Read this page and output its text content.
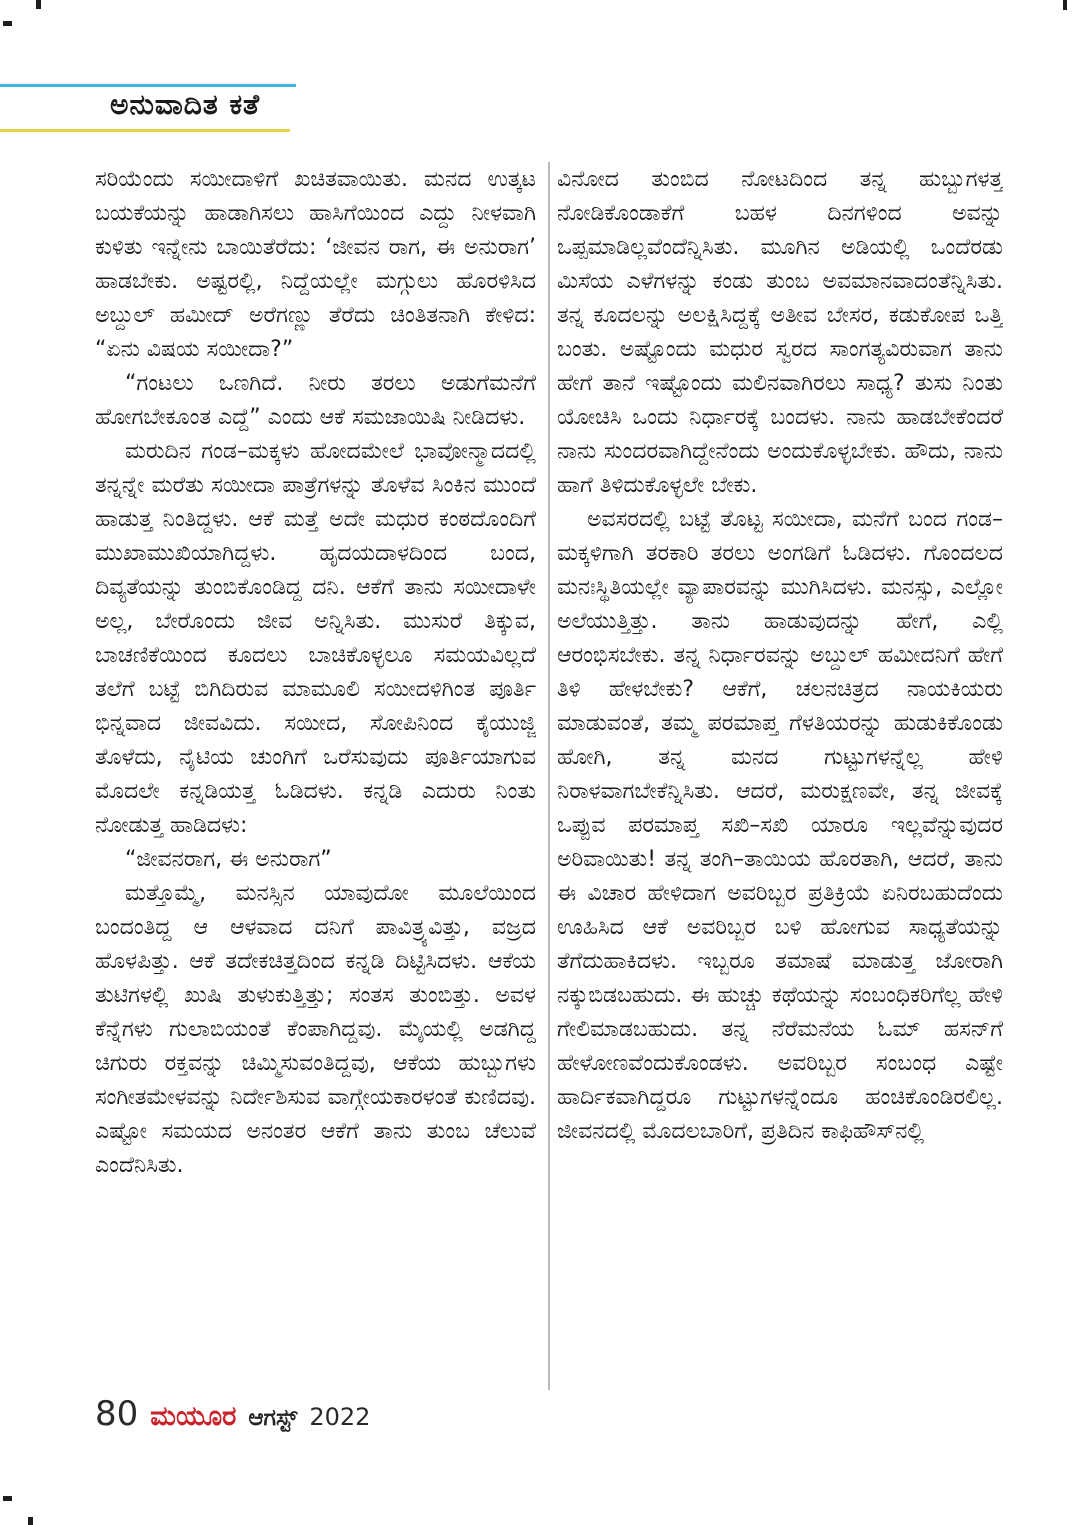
ಅನುವಾದಿತ ಕತೆ

ಸರಿಯೆಂದು ಸಯೀದಾಳಿಗೆ ಖಚಿತವಾಯಿತು. ಮನದ ಉತ್ಕಟ ಬಯಕೆಯನ್ನು ಹಾಡಾಗಿಸಲು ಹಾಸಿಗೆಯಿಂದ ಎದ್ದು ನೀಳವಾಗಿ ಕುಳಿತು ಇನ್ನೇನು ಬಾಯಿತೆರೆದು: ‘ಜೀವನ ರಾಗ, ಈ ಅನುರಾಗ’ ಹಾಡಬೇಕು. ಅಷ್ಟರಲ್ಲಿ, ನಿದ್ದೆಯಲ್ಲೇ ಮಗ್ಗುಲು ಹೊರಳಿಸಿದ ಅಬ್ದುಲ್ ಹಮೀದ್ ಅರೆಗಣ್ಣು ತೆರೆದು ಚಿಂತಿತನಾಗಿ ಕೇಳಿದ: “ಏನು ವಿಷಯ ಸಯೀದಾ?”

“ಗಂಟಲು ಒಣಗಿದೆ. ನೀರು ತರಲು ಅಡುಗೆಮನೆಗೆ ಹೋಗಬೇಕೂಂತ ಎದ್ದೆ” ಎಂದು ಆಕೆ ಸಮಜಾಯಿಷಿ ನೀಡಿದಳು.

ಮರುದಿನ ಗಂಡ–ಮಕ್ಕಳು ಹೋದಮೇಲೆ ಭಾವೋನ್ಮಾದದಲ್ಲಿ ತನ್ನನ್ನೇ ಮರೆತು ಸಯೀದಾ ಪಾತ್ರೆಗಳನ್ನು ತೊಳೆವ ಸಿಂಕಿನ ಮುಂದೆ ಹಾಡುತ್ತ ನಿಂತಿದ್ದಳು. ಆಕೆ ಮತ್ತೆ ಅದೇ ಮಧುರ ಕಂಠದೊಂದಿಗೆ ಮುಖಾಮುಖಿಯಾಗಿದ್ದಳು. ಹೃದಯದಾಳದಿಂದ ಬಂದ, ದಿವ್ಯತೆಯನ್ನು ತುಂಬಿಕೊಂಡಿದ್ದ ದನಿ. ಆಕೆಗೆ ತಾನು ಸಯೀದಾಳೇ ಅಲ್ಲ, ಬೇರೊಂದು ಜೀವ ಅನ್ನಿಸಿತು. ಮುಸುರೆ ತಿಕ್ಕುವ, ಬಾಚಣಿಕೆಯಿಂದ ಕೂದಲು ಬಾಚಿಕೊಳ್ಳಲೂ ಸಮಯವಿಲ್ಲದೆ ತಲೆಗೆ ಬಟ್ಟೆ ಬಿಗಿದಿರುವ ಮಾಮೂಲಿ ಸಯೀದಳಿಗಿಂತ ಪೂರ್ತಿ ಭಿನ್ನವಾದ ಜೀವವಿದು. ಸಯೀದ, ಸೋಪಿನಿಂದ ಕೈಯುಜ್ಜಿ ತೊಳೆದು, ನೈಟಿಯ ಚುಂಗಿಗೆ ಒರೆಸುವುದು ಪೂರ್ತಿಯಾಗುವ ಮೊದಲೇ ಕನ್ನಡಿಯತ್ತ ಓಡಿದಳು. ಕನ್ನಡಿ ಎದುರು ನಿಂತು ನೋಡುತ್ತ ಹಾಡಿದಳು:

“ಜೀವನರಾಗ, ಈ ಅನುರಾಗ”

ಮತ್ತೊಮ್ಮೆ, ಮನಸ್ಸಿನ ಯಾವುದೋ ಮೂಲೆಯಿಂದ ಬಂದಂತಿದ್ದ ಆ ಆಳವಾದ ದನಿಗೆ ಪಾವಿತ್ರ್ಯವಿತ್ತು, ವಜ್ರದ ಹೊಳಪಿತ್ತು. ಆಕೆ ತದೇಕಚಿತ್ತದಿಂದ ಕನ್ನಡಿ ದಿಟ್ಟಿಸಿದಳು. ಆಕೆಯ ತುಟಿಗಳಲ್ಲಿ ಖುಷಿ ತುಳುಕುತ್ತಿತ್ತು; ಸಂತಸ ತುಂಬಿತ್ತು. ಅವಳ ಕೆನ್ನೆಗಳು ಗುಲಾಬಿಯಂತೆ ಕೆಂಪಾಗಿದ್ದವು. ಮೈಯಲ್ಲಿ ಅಡಗಿದ್ದ ಚಿಗುರು ರಕ್ತವನ್ನು ಚಿಮ್ಮಿಸುವಂತಿದ್ದವು, ಆಕೆಯ ಹುಬ್ಬುಗಳು ಸಂಗೀತಮೇಳವನ್ನು ನಿರ್ದೇಶಿಸುವ ವಾಗ್ಗೇಯಕಾರಳಂತೆ ಕುಣಿದವು. ಎಷ್ಟೋ ಸಮಯದ ಅನಂತರ ಆಕೆಗೆ ತಾನು ತುಂಬ ಚೆಲುವೆ ಎಂದೆನಿಸಿತು.

ವಿನೋದ ತುಂಬಿದ ನೋಟದಿಂದ ತನ್ನ ಹುಬ್ಬುಗಳತ್ತ ನೋಡಿಕೊಂಡಾಕೆಗೆ ಬಹಳ ದಿನಗಳಿಂದ ಅವನ್ನು ಒಪ್ಪಮಾಡಿಲ್ಲವೆಂದೆನ್ನಿಸಿತು. ಮೂಗಿನ ಅಡಿಯಲ್ಲಿ ಒಂದೆರಡು ಮಿಸೆಯ ಎಳೆಗಳನ್ನು ಕಂಡು ತುಂಬ ಅವಮಾನವಾದಂತೆನ್ನಿಸಿತು. ತನ್ನ ಕೂದಲನ್ನು ಅಲಕ್ಷಿಸಿದ್ದಕ್ಕೆ ಅತೀವ ಬೇಸರ, ಕಡುಕೋಪ ಒತ್ತಿ ಬಂತು. ಅಷ್ಟೊಂದು ಮಧುರ ಸ್ವರದ ಸಾಂಗತ್ಯವಿರುವಾಗ ತಾನು ಹೇಗೆ ತಾನೆ ಇಷ್ಟೊಂದು ಮಲಿನವಾಗಿರಲು ಸಾಧ್ಯ? ತುಸು ನಿಂತು ಯೋಚಿಸಿ ಒಂದು ನಿರ್ಧಾರಕ್ಕೆ ಬಂದಳು. ನಾನು ಹಾಡಬೇಕೆಂದರೆ ನಾನು ಸುಂದರವಾಗಿದ್ದೇನೆಂದು ಅಂದುಕೊಳ್ಳಬೇಕು. ಹೌದು, ನಾನು ಹಾಗೆ ತಿಳಿದುಕೊಳ್ಳಲೇ ಬೇಕು.

ಅವಸರದಲ್ಲಿ ಬಟ್ಟೆ ತೊಟ್ಟ ಸಯೀದಾ, ಮನೆಗೆ ಬಂದ ಗಂಡ–ಮಕ್ಕಳಿಗಾಗಿ ತರಕಾರಿ ತರಲು ಅಂಗಡಿಗೆ ಓಡಿದಳು. ಗೊಂದಲದ ಮನಃಸ್ಥಿತಿಯಲ್ಲೇ ವ್ಯಾಪಾರವನ್ನು ಮುಗಿಸಿದಳು. ಮನಸ್ಸು, ಎಲ್ಲೋ ಅಲೆಯುತ್ತಿತ್ತು. ತಾನು ಹಾಡುವುದನ್ನು ಹೇಗೆ, ಎಲ್ಲಿ ಆರಂಭಿಸಬೇಕು. ತನ್ನ ನಿರ್ಧಾರವನ್ನು ಅಬ್ದುಲ್ ಹಮೀದನಿಗೆ ಹೇಗೆ ತಿಳಿ ಹೇಳಬೇಕು? ಆಕೆಗೆ, ಚಲನಚಿತ್ರದ ನಾಯಕಿಯರು ಮಾಡುವಂತೆ, ತಮ್ಮ ಪರಮಾಪ್ತ ಗೆಳತಿಯರನ್ನು ಹುಡುಕಿಕೊಂಡು ಹೋಗಿ, ತನ್ನ ಮನದ ಗುಟ್ಟುಗಳನ್ನೆಲ್ಲ ಹೇಳಿ ನಿರಾಳವಾಗಬೇಕೆನ್ನಿಸಿತು. ಆದರೆ, ಮರುಕ್ಷಣವೇ, ತನ್ನ ಜೀವಕ್ಕೆ ಒಪ್ಪುವ ಪರಮಾಪ್ತ ಸಖಿ–ಸಖಿ ಯಾರೂ ಇಲ್ಲವೆನ್ನುವುದರ ಅರಿವಾಯಿತು! ತನ್ನ ತಂಗಿ–ತಾಯಿಯ ಹೊರತಾಗಿ, ಆದರೆ, ತಾನು ಈ ವಿಚಾರ ಹೇಳಿದಾಗ ಅವರಿಬ್ಬರ ಪ್ರತಿಕ್ರಿಯೆ ಏನಿರಬಹುದೆಂದು ಊಹಿಸಿದ ಆಕೆ ಅವರಿಬ್ಬರ ಬಳಿ ಹೋಗುವ ಸಾಧ್ಯತೆಯನ್ನು ತೆಗೆದುಹಾಕಿದಳು. ಇಬ್ಬರೂ ತಮಾಷೆ ಮಾಡುತ್ತ ಜೋರಾಗಿ ನಕ್ಕುಬಿಡಬಹುದು. ಈ ಹುಚ್ಚು ಕಥೆಯನ್ನು ಸಂಬಂಧಿಕರಿಗೆಲ್ಲ ಹೇಳಿ ಗೇಲಿಮಾಡಬಹುದು. ತನ್ನ ನೆರೆಮನೆಯ ಓಮ್ ಹಸನ್‌ಗೆ ಹೇಳೋಣವೆಂದುಕೊಂಡಳು. ಅವರಿಬ್ಬರ ಸಂಬಂಧ ಎಷ್ಟೇ ಹಾರ್ದಿಕವಾಗಿದ್ದರೂ ಗುಟ್ಟುಗಳನ್ನೆಂದೂ ಹಂಚಿಕೊಂಡಿರಲಿಲ್ಲ. ಜೀವನದಲ್ಲಿ ಮೊದಲಬಾರಿಗೆ, ಪ್ರತಿದಿನ ಕಾಫಿಹೌಸ್‌ನಲ್ಲಿ

80 ಮಯೂರ ಆಗಸ್ಟ್ 2022
